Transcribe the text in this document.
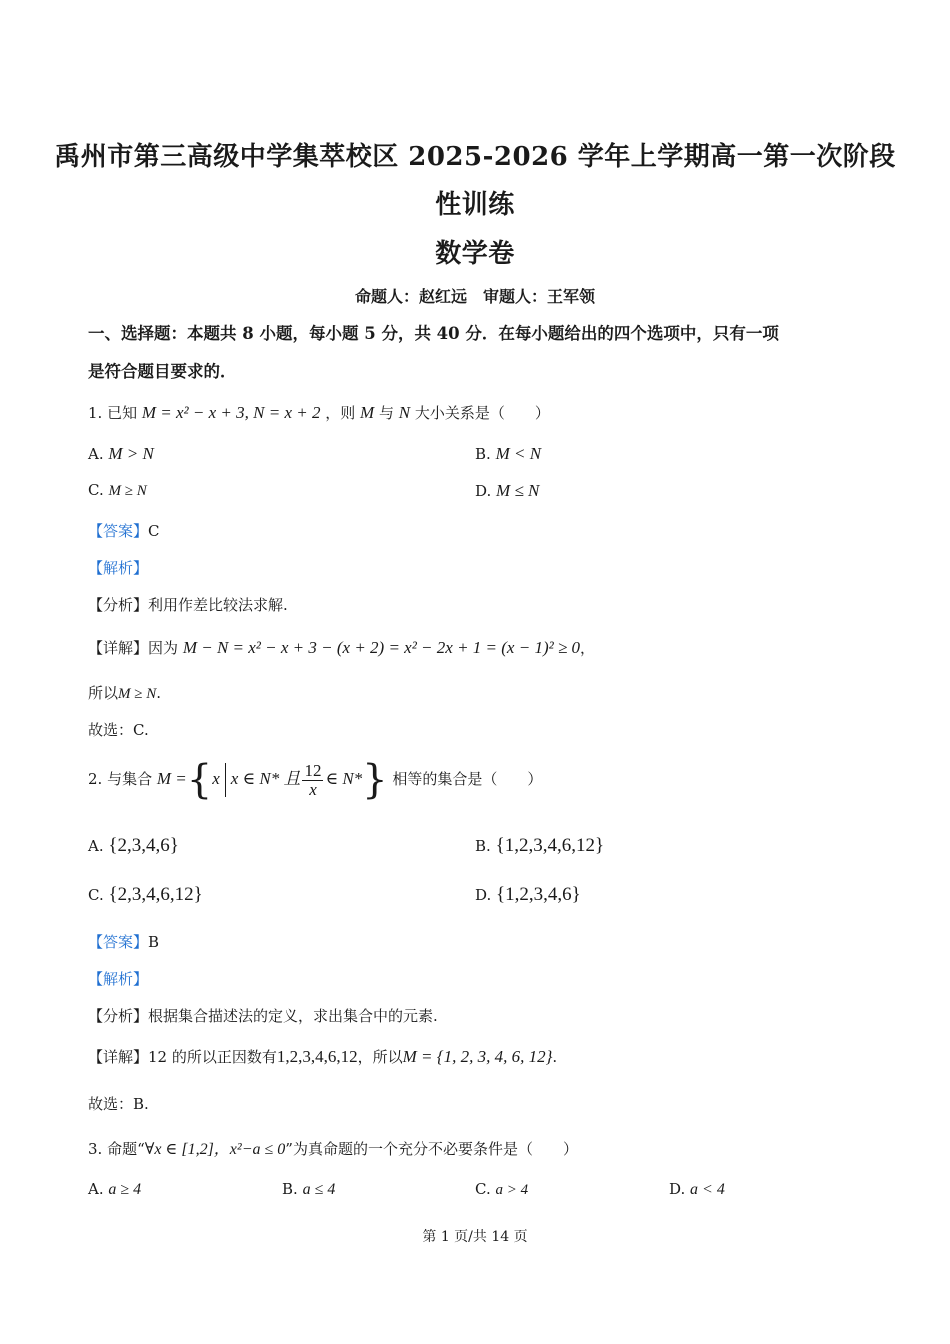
禹州市第三高级中学集萃校区 2025-2026 学年上学期高一第一次阶段
性训练
数学卷
命题人：赵红远　审题人：王军领
一、选择题：本题共 8 小题，每小题 5 分，共 40 分．在每小题给出的四个选项中，只有一项
是符合题目要求的．
1. 已知 M = x² − x + 3, N = x + 2 ，则 M 与 N 大小关系是（　　）
A. M > N	B. M < N
C. M ≥ N	D. M ≤ N
【答案】C
【解析】
【分析】利用作差比较法求解.
【详解】因为 M − N = x² − x + 3 − (x + 2) = x² − 2x + 1 = (x − 1)² ≥ 0，
所以M ≥ N.
故选：C.
2. 与集合 M ={x x ∈ N* 且 $\frac{12}{x}$ ∈ N*} 相等的集合是（　　）
A. {2,3,4,6}	B. {1,2,3,4,6,12}
C. {2,3,4,6,12}	D. {1,2,3,4,6}
【答案】B
【解析】
【分析】根据集合描述法的定义，求出集合中的元素.
【详解】12 的所以正因数有1,2,3,4,6,12，所以M = {1, 2, 3, 4, 6, 12}.
故选：B.
3. 命题“∀x ∈ [1,2]，x²−a ≤ 0”为真命题的一个充分不必要条件是（　　）
A. a ≥ 4	B. a ≤ 4	C. a > 4	D. a < 4
第 1 页/共 14 页
